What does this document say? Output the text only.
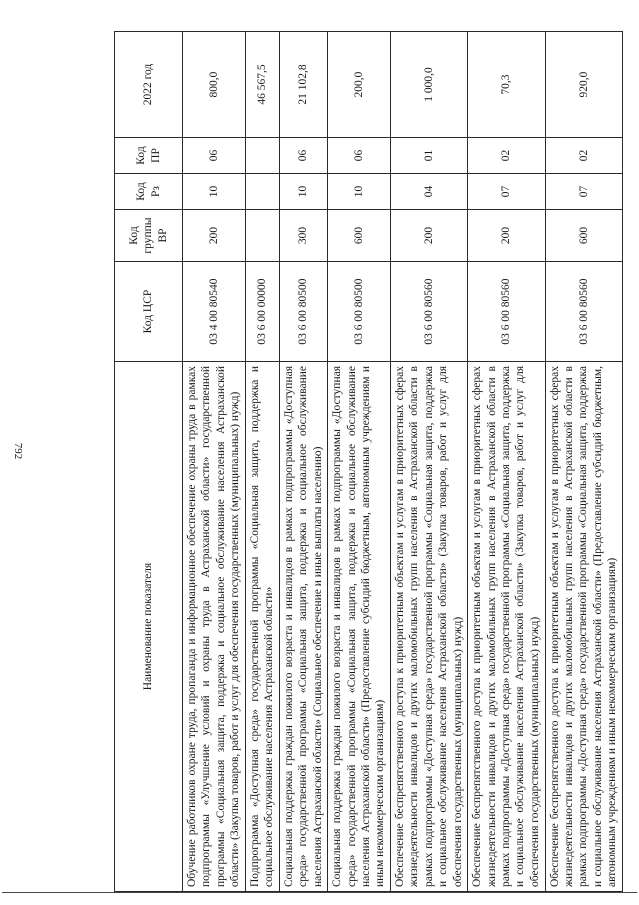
792
Наименование показателя	Код ЦСР	Код группы ВР	Код Рз	Код ПР	2022 год
Обучение работников охране труда, пропаганда и информационное обеспечение охраны труда в рамках подпрограммы «Улучшение условий и охраны труда в Астраханской области» государственной программы «Социальная защита, поддержка и социальное обслуживание населения Астраханской области» (Закупка товаров, работ и услуг для обеспечения государственных (муниципальных) нужд)	03 4 00 80540	200	10	06	800,0
Подпрограмма «Доступная среда» государственной программы «Социальная защита, поддержка и социальное обслуживание населения Астраханской области»	03 6 00 00000				46 567,5
Социальная поддержка граждан пожилого возраста и инвалидов в рамках подпрограммы «Доступная среда» государственной программы «Социальная защита, поддержка и социальное обслуживание населения Астраханской области» (Социальное обеспечение и иные выплаты населению)	03 6 00 80500	300	10	06	21 102,8
Социальная поддержка граждан пожилого возраста и инвалидов в рамках подпрограммы «Доступная среда» государственной программы «Социальная защита, поддержка и социальное обслуживание населения Астраханской области» (Предоставление субсидий бюджетным, автономным учреждениям и иным некоммерческим организациям)	03 6 00 80500	600	10	06	200,0
Обеспечение беспрепятственного доступа к приоритетным объектам и услугам в приоритетных сферах жизнедеятельности инвалидов и других маломобильных групп населения в Астраханской области в рамках подпрограммы «Доступная среда» государственной программы «Социальная защита, поддержка и социальное обслуживание населения Астраханской области» (Закупка товаров, работ и услуг для обеспечения государственных (муниципальных) нужд)	03 6 00 80560	200	04	01	1 000,0
Обеспечение беспрепятственного доступа к приоритетным объектам и услугам в приоритетных сферах жизнедеятельности инвалидов и других маломобильных групп населения в Астраханской области в рамках подпрограммы «Доступная среда» государственной программы «Социальная защита, поддержка и социальное обслуживание населения Астраханской области» (Закупка товаров, работ и услуг для обеспечения государственных (муниципальных) нужд)	03 6 00 80560	200	07	02	70,3
Обеспечение беспрепятственного доступа к приоритетным объектам и услугам в приоритетных сферах жизнедеятельности инвалидов и других маломобильных групп населения в Астраханской области в рамках подпрограммы «Доступная среда» государственной программы «Социальная защита, поддержка и социальное обслуживание населения Астраханской области» (Предоставление субсидий бюджетным, автономным учреждениям и иным некоммерческим организациям)	03 6 00 80560	600	07	02	920,0
